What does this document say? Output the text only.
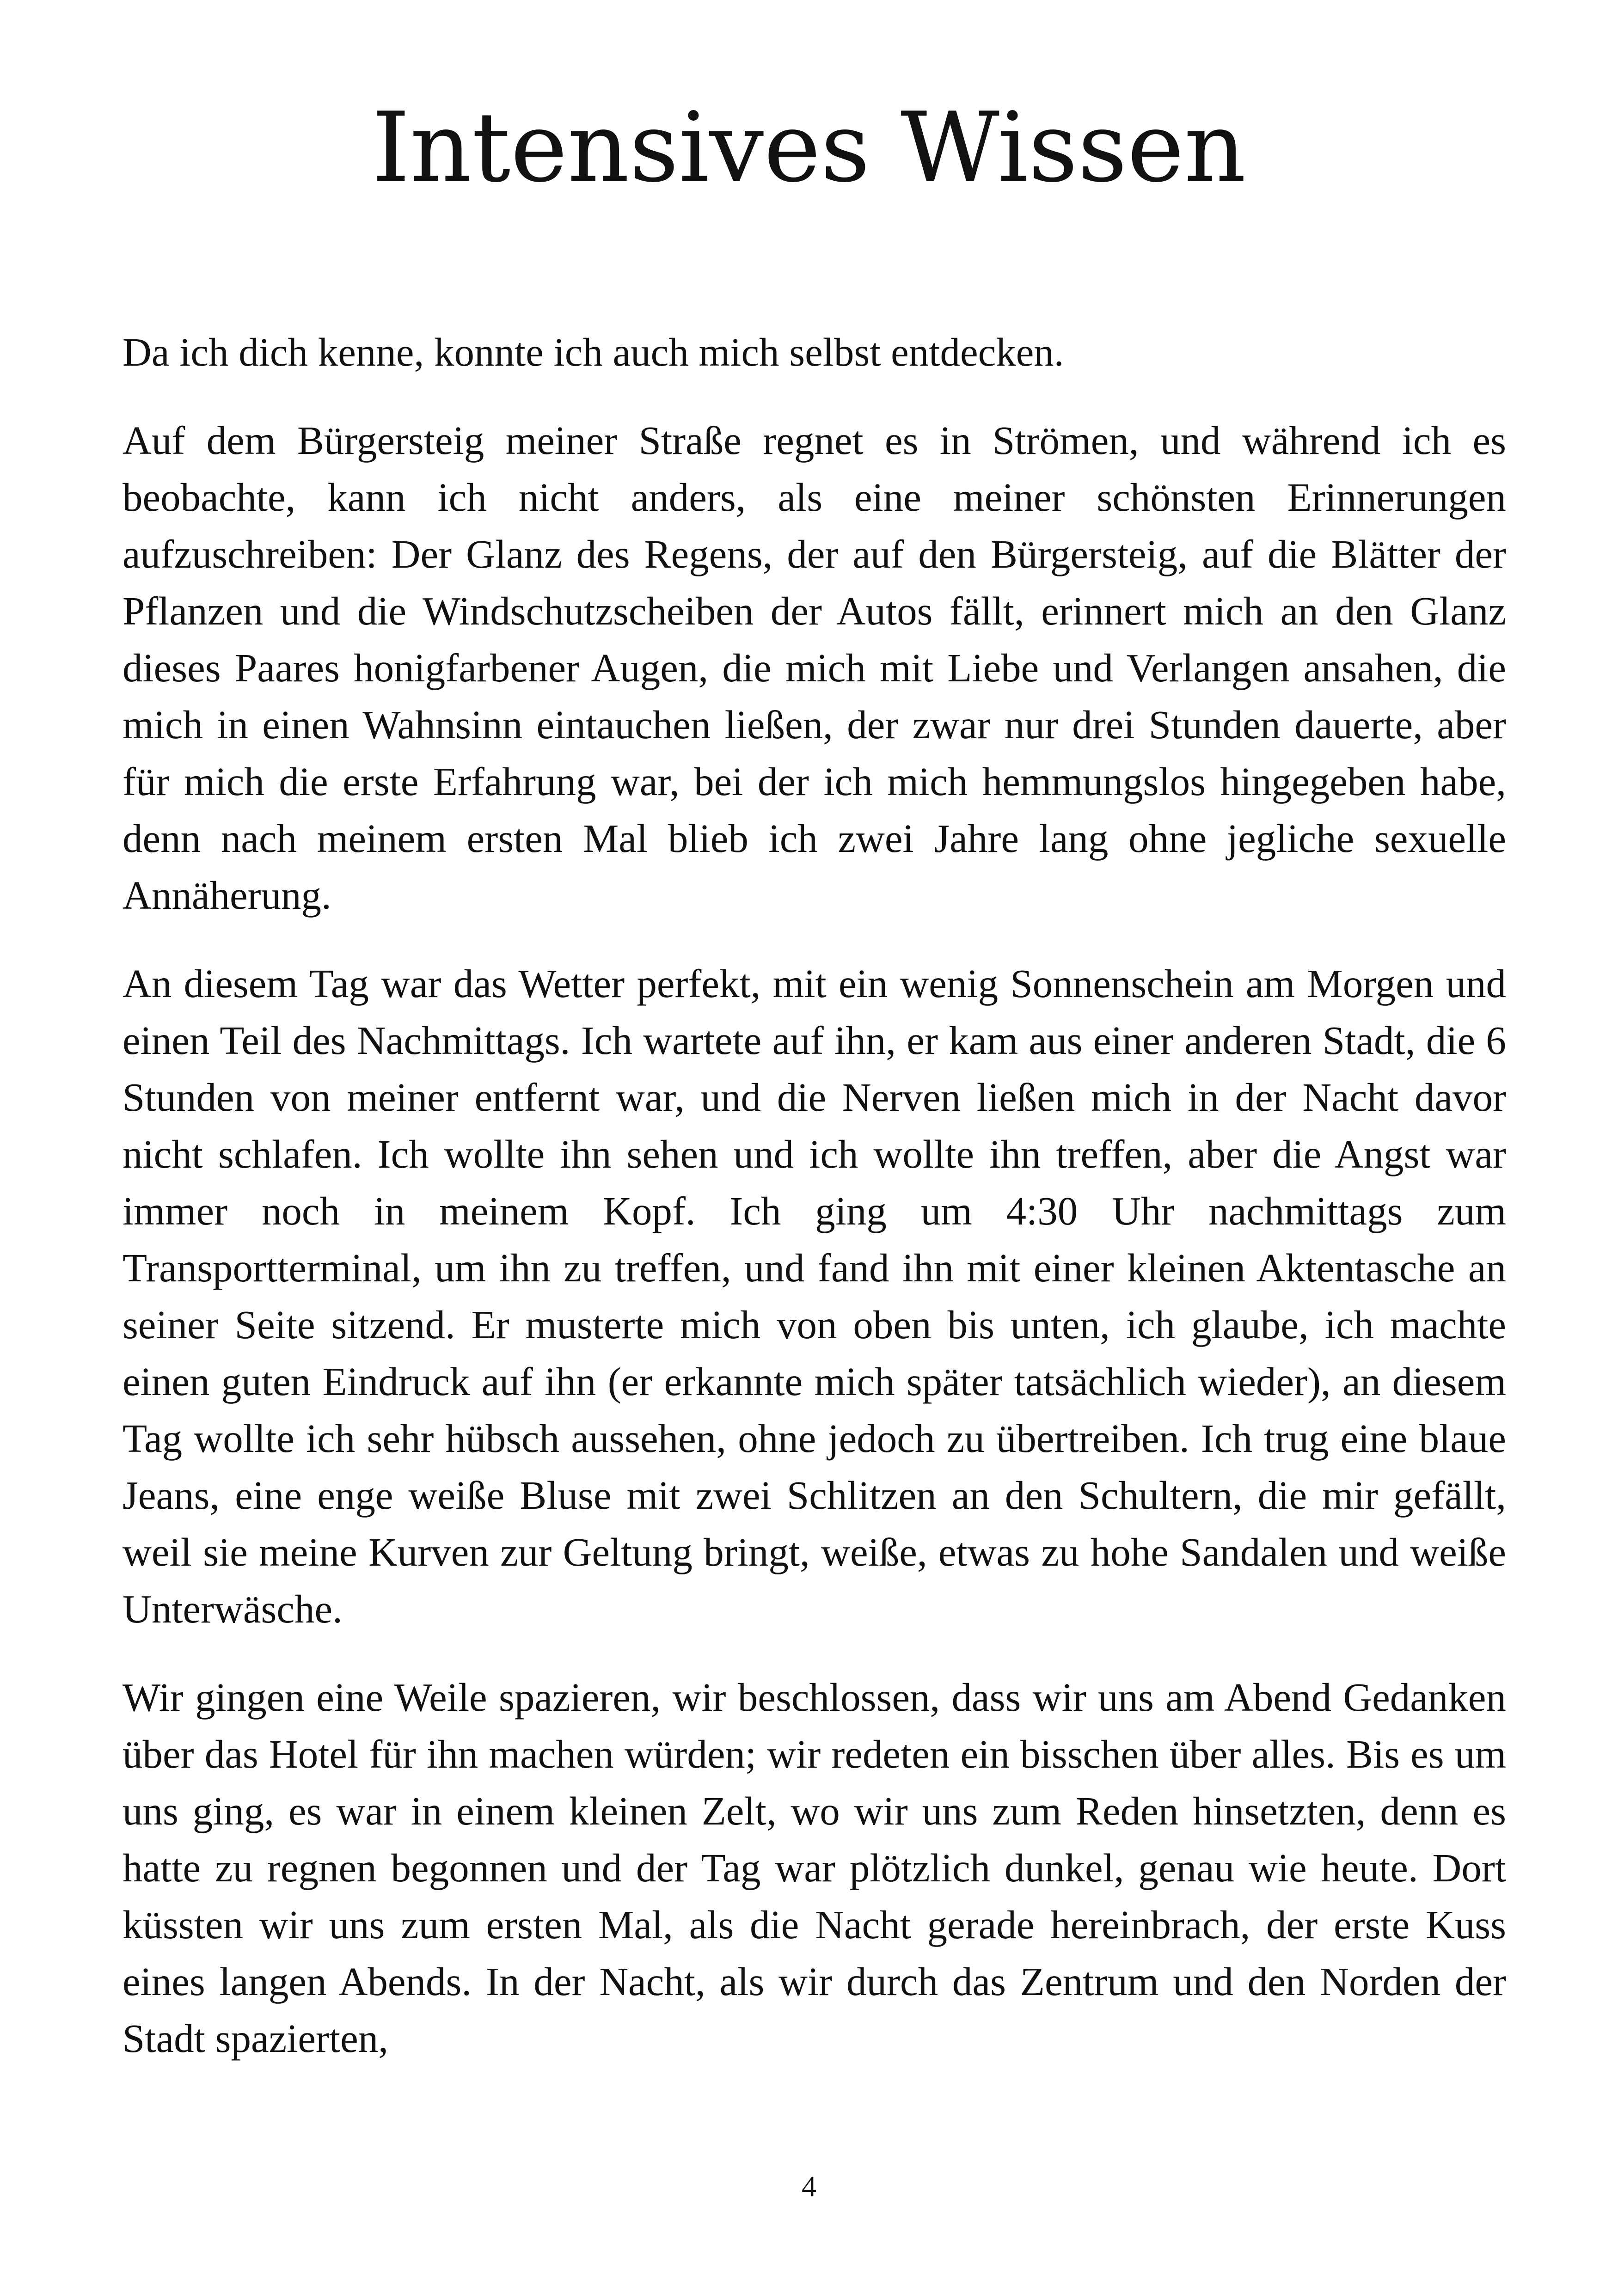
Intensives Wissen

Da ich dich kenne, konnte ich auch mich selbst entdecken.

Auf dem Bürgersteig meiner Straße regnet es in Strömen, und während ich es beobachte, kann ich nicht anders, als eine meiner schönsten Erinnerungen aufzuschreiben: Der Glanz des Regens, der auf den Bürgersteig, auf die Blätter der Pflanzen und die Windschutzscheiben der Autos fällt, erinnert mich an den Glanz dieses Paares honigfarbener Augen, die mich mit Liebe und Verlangen ansahen, die mich in einen Wahnsinn eintauchen ließen, der zwar nur drei Stunden dauerte, aber für mich die erste Erfahrung war, bei der ich mich hemmungslos hingegeben habe, denn nach meinem ersten Mal blieb ich zwei Jahre lang ohne jegliche sexuelle Annäherung.

An diesem Tag war das Wetter perfekt, mit ein wenig Sonnenschein am Morgen und einen Teil des Nachmittags. Ich wartete auf ihn, er kam aus einer anderen Stadt, die 6 Stunden von meiner entfernt war, und die Nerven ließen mich in der Nacht davor nicht schlafen. Ich wollte ihn sehen und ich wollte ihn treffen, aber die Angst war immer noch in meinem Kopf. Ich ging um 4:30 Uhr nachmittags zum Transportterminal, um ihn zu treffen, und fand ihn mit einer kleinen Aktentasche an seiner Seite sitzend. Er musterte mich von oben bis unten, ich glaube, ich machte einen guten Eindruck auf ihn (er erkannte mich später tatsächlich wieder), an diesem Tag wollte ich sehr hübsch aussehen, ohne jedoch zu übertreiben. Ich trug eine blaue Jeans, eine enge weiße Bluse mit zwei Schlitzen an den Schultern, die mir gefällt, weil sie meine Kurven zur Geltung bringt, weiße, etwas zu hohe Sandalen und weiße Unterwäsche.

Wir gingen eine Weile spazieren, wir beschlossen, dass wir uns am Abend Gedanken über das Hotel für ihn machen würden; wir redeten ein bisschen über alles. Bis es um uns ging, es war in einem kleinen Zelt, wo wir uns zum Reden hinsetzten, denn es hatte zu regnen begonnen und der Tag war plötzlich dunkel, genau wie heute. Dort küssten wir uns zum ersten Mal, als die Nacht gerade hereinbrach, der erste Kuss eines langen Abends. In der Nacht, als wir durch das Zentrum und den Norden der Stadt spazierten,

4
